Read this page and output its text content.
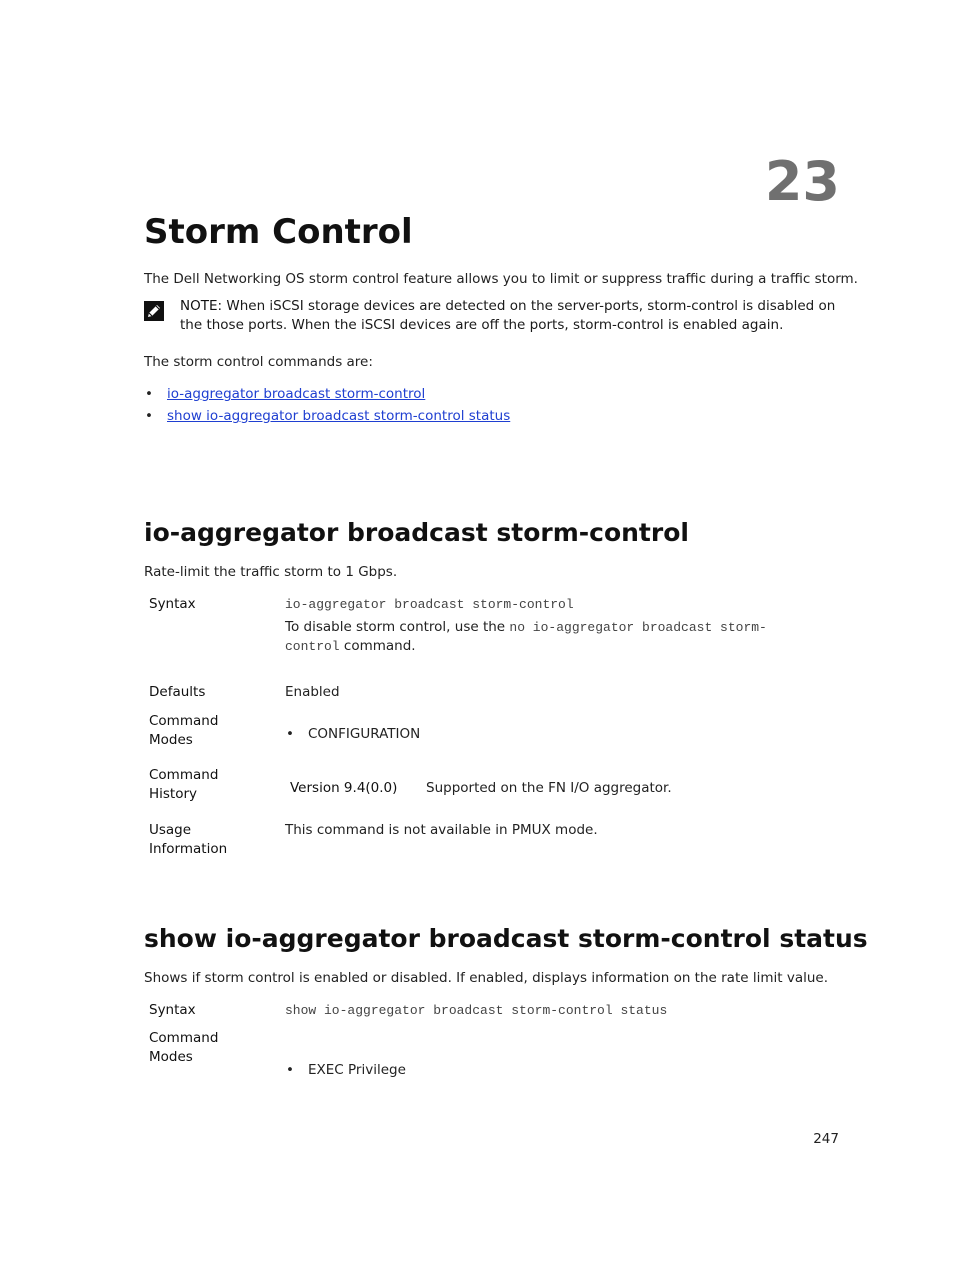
23
Storm Control
The Dell Networking OS storm control feature allows you to limit or suppress traffic during a traffic storm.
NOTE: When iSCSI storage devices are detected on the server-ports, storm-control is disabled on the those ports. When the iSCSI devices are off the ports, storm-control is enabled again.
The storm control commands are:
• io-aggregator broadcast storm-control
• show io-aggregator broadcast storm-control status
io-aggregator broadcast storm-control
Rate-limit the traffic storm to 1 Gbps.
Syntax	io-aggregator broadcast storm-control
To disable storm control, use the no io-aggregator broadcast storm-control command.
Defaults	Enabled
Command
Modes
•	CONFIGURATION
Command
History	Version 9.4(0.0) Supported on the FN I/O aggregator.
Usage
Information
This command is not available in PMUX mode.
show io-aggregator broadcast storm-control status
Shows if storm control is enabled or disabled. If enabled, displays information on the rate limit value.
Syntax	show io-aggregator broadcast storm-control status
Command
Modes
• EXEC Privilege
247
